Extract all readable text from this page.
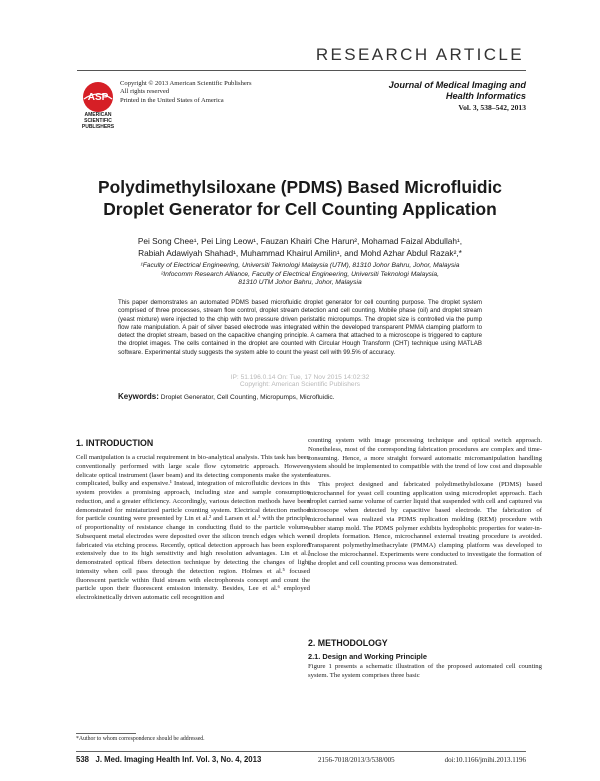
RESEARCH ARTICLE
ASP
AMERICAN
SCIENTIFIC
PUBLISHERS
Copyright © 2013 American Scientific Publishers
All rights reserved
Printed in the United States of America
Journal of Medical Imaging and
Health Informatics
Vol. 3, 538–542, 2013
Polydimethylsiloxane (PDMS) Based Microfluidic
Droplet Generator for Cell Counting Application
Pei Song Chee¹, Pei Ling Leow¹, Fauzan Khairi Che Harun², Mohamad Faizal Abdullah¹,
Rabiah Adawiyah Shahad¹, Muhammad Khairul Amilin¹, and Mohd Azhar Abdul Razak²,*
¹Faculty of Electrical Engineering, Universiti Teknologi Malaysia (UTM), 81310 Johor Bahru, Johor, Malaysia
²Infocomm Research Alliance, Faculty of Electrical Engineering, Universiti Teknologi Malaysia,
81310 UTM Johor Bahru, Johor, Malaysia
This paper demonstrates an automated PDMS based microfluidic droplet generator for cell counting purpose. The droplet system comprised of three processes, stream flow control, droplet stream detection and cell counting. Mobile phase (oil) and droplet stream (yeast mixture) were injected to the chip with two pressure driven peristaltic micropumps. The droplet size is controlled via the pump flow rate manipulation. A pair of silver based electrode was integrated within the developed transparent PMMA clamping platform to detect the droplet stream, based on the capacitive changing principle. A camera that attached to a microscope is triggered to capture the droplet images. The cells contained in the droplet are counted with Circular Hough Transform (CHT) technique using MATLAB software. Experimental study suggests the system able to count the yeast cell with 99.5% of accuracy.
IP: 51.196.0.14 On: Tue, 17 Nov 2015 14:02:32
Copyright: American Scientific Publishers
Keywords: Droplet Generator, Cell Counting, Micropumps, Microfluidic.
1. INTRODUCTION
Cell manipulation is a crucial requirement in bio-analytical analysis. This task has been conventionally performed with large scale flow cytometric approach. However, delicate optical instrument (laser beam) and its detecting components make the system complicated, bulky and expensive.¹ Instead, integration of microfluidic devices in this system provides a promising approach, including size and sample consumption reduction, and a greater efficiency. Accordingly, various detection methods have been demonstrated for miniaturized particle counting system. Electrical detection method for particle counting were presented by Lin et al.² and Larsen et al.³ with the principle of proportionality of resistance change in conducting fluid to the particle volume. Subsequent metal electrodes were deposited over the silicon trench edges which were fabricated via etching process. Recently, optical detection approach has been explored extensively due to its high sensitivity and high resolution advantages. Lin et al.⁴ demonstrated optical fibers detection technique by detecting the changes of light intensity when cell pass through the detection region. Holmes et al.⁵ focused fluorescent particle within fluid stream with electrophoresis concept and count the particle upon their fluorescent emission intensity. Besides, Lee et al.⁶ employed electrokinetically driven automatic cell recognition and
counting system with image processing technique and optical switch approach. Nonetheless, most of the corresponding fabrication procedures are complex and time-consuming. Hence, a more straight forward automatic micromanipulation handling system should be implemented to compatible with the trend of low cost and disposable features.
This project designed and fabricated polydimethylsiloxane (PDMS) based microchannel for yeast cell counting application using microdroplet approach. Each droplet carried same volume of carrier liquid that suspended with cell and captured via microscope when detected by capacitive based electrode. The fabrication of microchannel was realized via PDMS replication molding (REM) procedure with rubber stamp mold. The PDMS polymer exhibits hydrophobic properties for water-in-oil droplets formation. Hence, microchannel external treating procedure is avoided. Transparent polymethylmethacrylate (PMMA) clamping platform was developed to enclose the microchannel. Experiments were conducted to investigate the formation of the droplet and cell counting process was demonstrated.
2. METHODOLOGY
2.1. Design and Working Principle
Figure 1 presents a schematic illustration of the proposed automated cell counting system. The system comprises three basic
*Author to whom correspondence should be addressed.
538 J. Med. Imaging Health Inf. Vol. 3, No. 4, 2013	2156-7018/2013/3/538/005	doi:10.1166/jmihi.2013.1196
